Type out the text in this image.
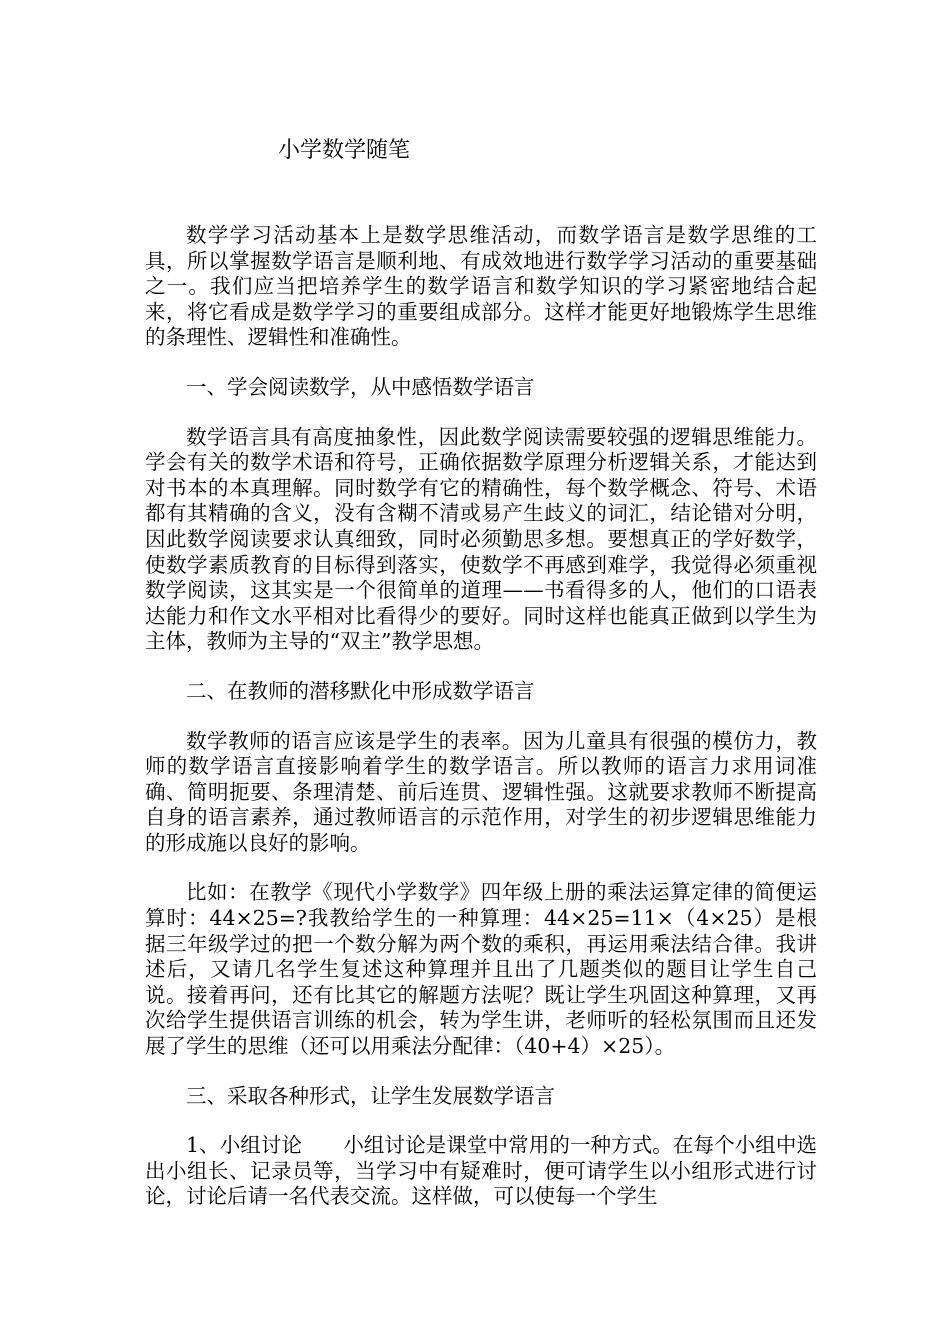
小学数学随笔

数学学习活动基本上是数学思维活动，而数学语言是数学思维的工具，所以掌握数学语言是顺利地、有成效地进行数学学习活动的重要基础之一。我们应当把培养学生的数学语言和数学知识的学习紧密地结合起来，将它看成是数学学习的重要组成部分。这样才能更好地锻炼学生思维的条理性、逻辑性和准确性。

一、学会阅读数学，从中感悟数学语言

数学语言具有高度抽象性，因此数学阅读需要较强的逻辑思维能力。学会有关的数学术语和符号，正确依据数学原理分析逻辑关系，才能达到对书本的本真理解。同时数学有它的精确性，每个数学概念、符号、术语都有其精确的含义，没有含糊不清或易产生歧义的词汇，结论错对分明，因此数学阅读要求认真细致，同时必须勤思多想。要想真正的学好数学，使数学素质教育的目标得到落实，使数学不再感到难学，我觉得必须重视数学阅读，这其实是一个很简单的道理——书看得多的人，他们的口语表达能力和作文水平相对比看得少的要好。同时这样也能真正做到以学生为主体，教师为主导的“双主”教学思想。

二、在教师的潜移默化中形成数学语言

数学教师的语言应该是学生的表率。因为儿童具有很强的模仿力，教师的数学语言直接影响着学生的数学语言。所以教师的语言力求用词准确、简明扼要、条理清楚、前后连贯、逻辑性强。这就要求教师不断提高自身的语言素养，通过教师语言的示范作用，对学生的初步逻辑思维能力的形成施以良好的影响。

比如：在教学《现代小学数学》四年级上册的乘法运算定律的简便运算时：44×25=?我教给学生的一种算理：44×25=11×（4×25）是根据三年级学过的把一个数分解为两个数的乘积，再运用乘法结合律。我讲述后，又请几名学生复述这种算理并且出了几题类似的题目让学生自己说。接着再问，还有比其它的解题方法呢？既让学生巩固这种算理，又再次给学生提供语言训练的机会，转为学生讲，老师听的轻松氛围而且还发展了学生的思维（还可以用乘法分配律：（40+4）×25）。

三、采取各种形式，让学生发展数学语言

1、小组讨论　　小组讨论是课堂中常用的一种方式。在每个小组中选出小组长、记录员等，当学习中有疑难时，便可请学生以小组形式进行讨论，讨论后请一名代表交流。这样做，可以使每一个学生
